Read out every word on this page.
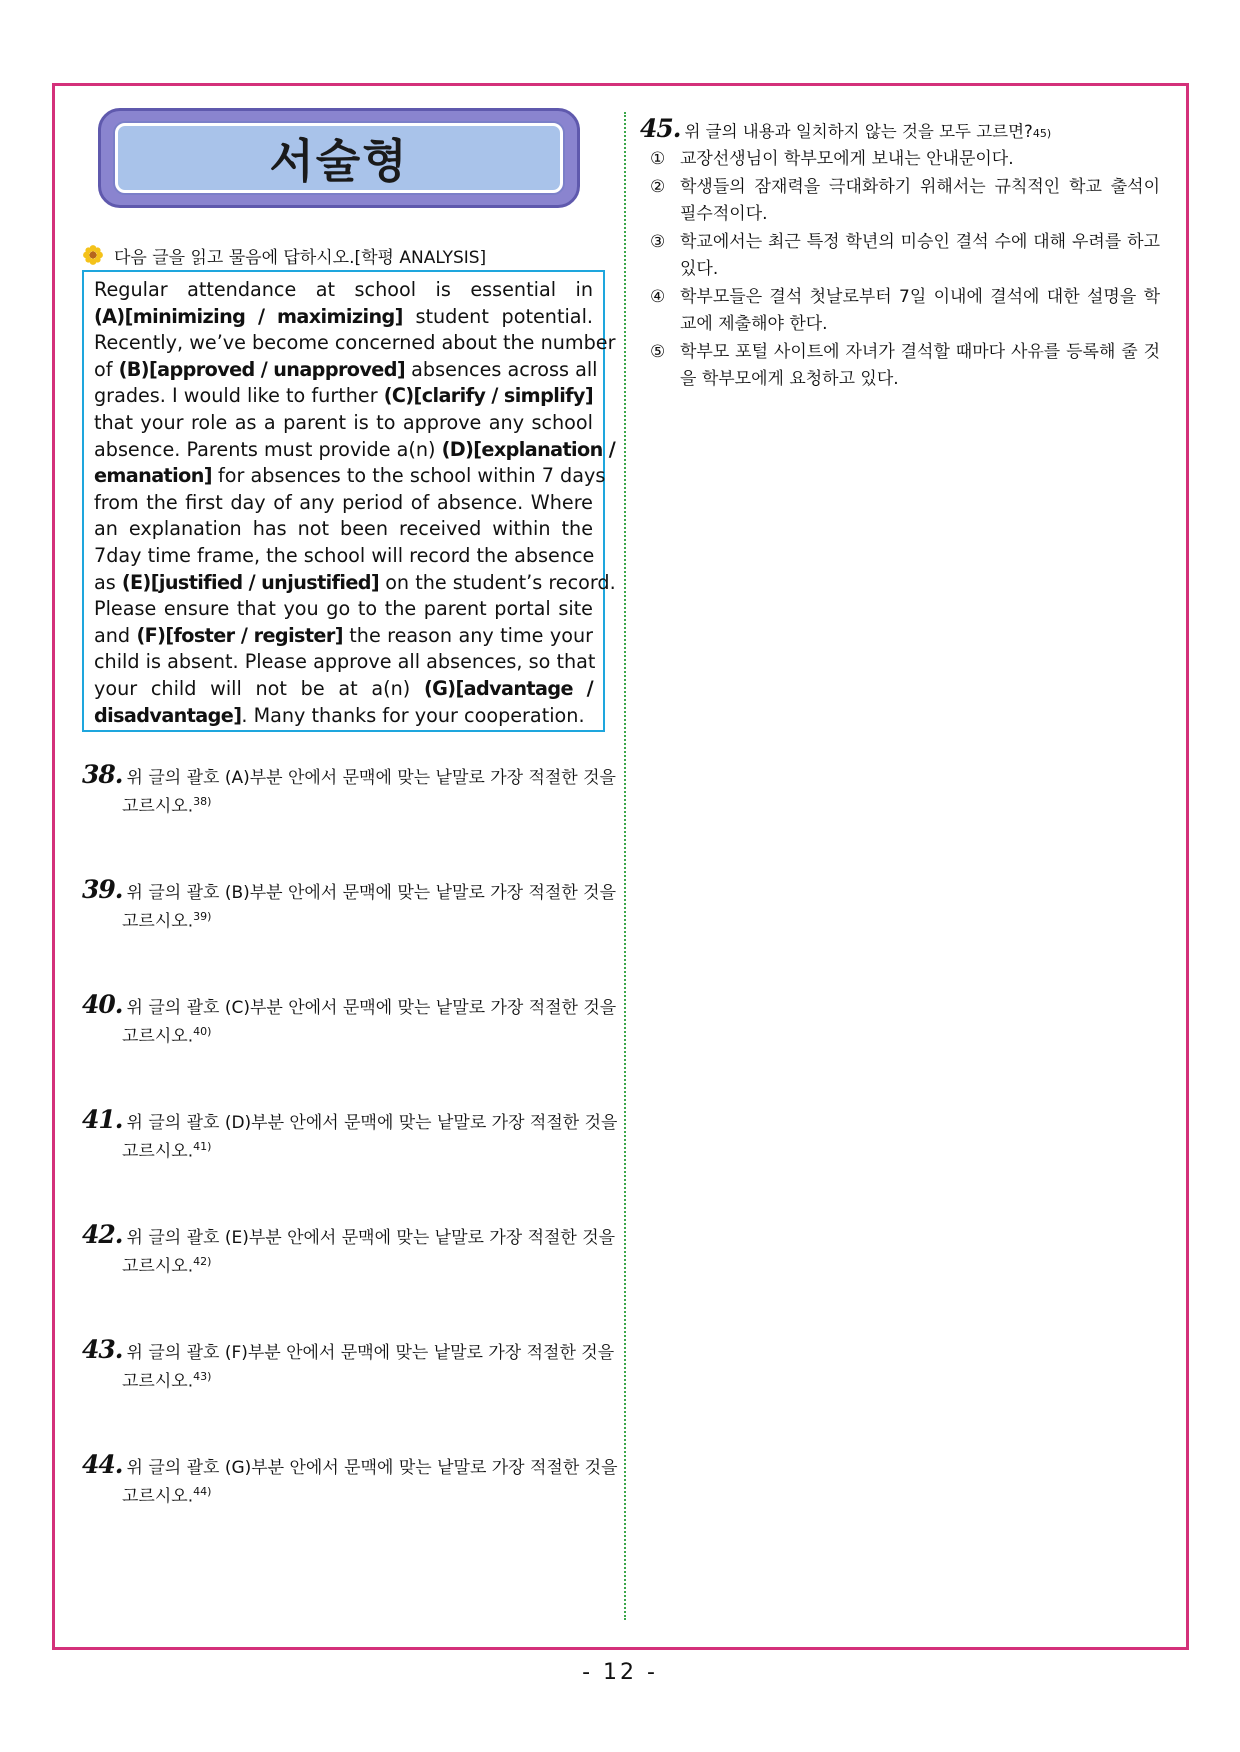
서술형
다음 글을 읽고 물음에 답하시오.[학평 ANALYSIS]
Regular attendance at school is essential in
(A)[minimizing / maximizing] student potential.
Recently, we’ve become concerned about the number
of (B)[approved / unapproved] absences across all
grades. I would like to further (C)[clarify / simplify]
that your role as a parent is to approve any school
absence. Parents must provide a(n) (D)[explanation /
emanation] for absences to the school within 7 days
from the first day of any period of absence. Where
an explanation has not been received within the
7day time frame, the school will record the absence
as (E)[justified / unjustified] on the student’s record.
Please ensure that you go to the parent portal site
and (F)[foster / register] the reason any time your
child is absent. Please approve all absences, so that
your child will not be at a(n) (G)[advantage /
disadvantage]. Many thanks for your cooperation.
38. 위 글의 괄호 (A)부분 안에서 문맥에 맞는 낱말로 가장 적절한 것을
고르시오.$^{38)}$
39. 위 글의 괄호 (B)부분 안에서 문맥에 맞는 낱말로 가장 적절한 것을
고르시오.$^{39)}$
40. 위 글의 괄호 (C)부분 안에서 문맥에 맞는 낱말로 가장 적절한 것을
고르시오.$^{40)}$
41. 위 글의 괄호 (D)부분 안에서 문맥에 맞는 낱말로 가장 적절한 것을
고르시오.$^{41)}$
42. 위 글의 괄호 (E)부분 안에서 문맥에 맞는 낱말로 가장 적절한 것을
고르시오.$^{42)}$
43. 위 글의 괄호 (F)부분 안에서 문맥에 맞는 낱말로 가장 적절한 것을
고르시오.$^{43)}$
44. 위 글의 괄호 (G)부분 안에서 문맥에 맞는 낱말로 가장 적절한 것을
고르시오.$^{44)}$
45. 위 글의 내용과 일치하지 않는 것을 모두 고르면$?_{45)}$
① 교장선생님이 학부모에게 보내는 안내문이다.
② 학생들의 잠재력을 극대화하기 위해서는 규칙적인 학교 출석이 필수적이다.
③ 학교에서는 최근 특정 학년의 미승인 결석 수에 대해 우려를 하고 있다.
④ 학부모들은 결석 첫날로부터 7일 이내에 결석에 대한 설명을 학교에 제출해야 한다.
⑤ 학부모 포털 사이트에 자녀가 결석할 때마다 사유를 등록해 줄 것을 학부모에게 요청하고 있다.
- 12 -
